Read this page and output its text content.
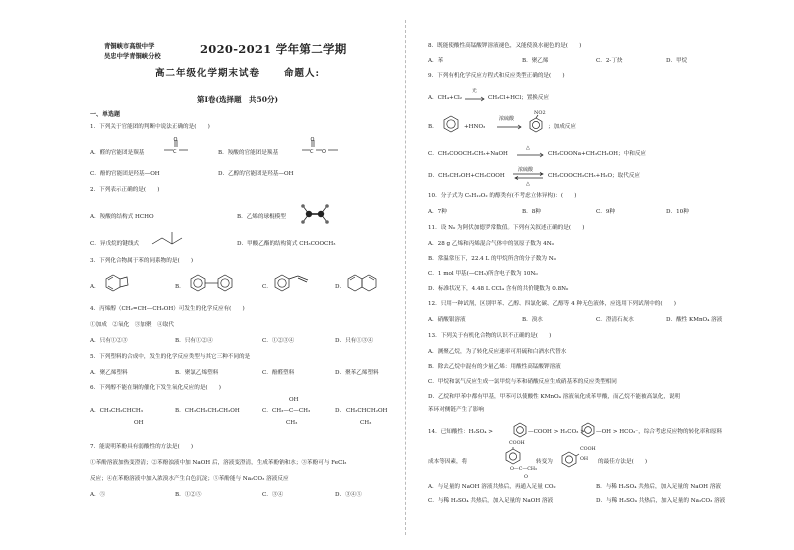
青铜峡市高级中学
吴忠中学青铜峡分校
2020-2021 学年第二学期
高二年级化学期末试卷	命题人:
第Ⅰ卷(选择题　共50分)
一、单选题
1．下列关于官能团的判断中说法正确的是(　　)
A．醛的官能团是羰基	C
O
B．羧酸的官能团是羰基	C
O
O
C．酚的官能团是羟基—OH	D．乙醇的官能团是羟基—OH
2．下列表示正确的是(　　)
A．羧酸的结构式 HCHO	B．乙烯的球棍模型
C．异戊烷的键线式	D．甲酸乙酯的结构简式 CH₃COOCH₃
3．下列化合物属于苯的同系物的是(　　)
A．	B．	C．	D．
4．丙烯醇（CH₂=CH—CH₂OH）可发生的化学反应有(　　)
①加成　②氧化　③加聚　④取代
A．只有①②③	B．只有①②④	C．①②③④	D．只有①③④
5．下列塑料的合成中，发生的化学反应类型与其它三种不同的是
A．聚乙烯塑料	B．聚氯乙烯塑料	C．酚醛塑料	D．聚苯乙烯塑料
6．下列醇不能在铜的催化下发生氧化反应的是(　　)
A．CH₃CH₂CHCH₃
OH
B．CH₃CH₂CH₂CH₂OH	C．
OH
CH₃—C—CH₃
CH₃
D． CH₃CHCH₂OH
CH₃
7．能说明苯酚具有弱酸性的方法是(　　)
①苯酚溶液加热变澄清；②苯酚浊液中加 NaOH 后，溶液变澄清，生成苯酚钠和水；③苯酚可与 FeCl₃
反应；④在苯酚溶液中加入浓溴水产生白色沉淀；⑤苯酚能与 Na₂CO₃ 溶液反应
A．⑤	B．①②⑤	C．③④	D．③④⑤
8．既能使酸性高锰酸钾溶液褪色，又能使溴水褪色的是(　　)
A．苯	B．聚乙烯	C．2-丁炔	D．甲烷
9．下列有机化学反应方程式和反应类型正确的是(　　)
A．CH₄+Cl₂
光
CH₃Cl+HCl；置换反应
B．	+HNO₃
浓硫酸
NO2
；加成反应
C．CH₃COOCH₂CH₃+NaOH
△
CH₃COONa+CH₃CH₂OH；中和反应
D．CH₃CH₂OH+CH₃COOH
浓硫酸
△
CH₃COOCH₂CH₃+H₂O；取代反应
10．分子式为 C₅H₁₂O₂ 的醇类有(不考虑立体异构)：(　　)
A．7种	B．8种	C．9种	D．10种
11．设 N₀ 为阿伏加德罗常数值。下列有关叙述正确的是(　　)
A．28 g 乙烯和丙烯混合气体中的氢原子数为 4N₀
B．常温常压下，22.4 L 的甲烷所含的分子数为 N₀
C．1 mol 甲基(—CH₃)所含电子数为 10N₀
D．标准状况下，4.48 L CCl₄ 含有的共价键数为 0.8N₀
12．只用一种试剂，区别甲苯、乙醇、四氯化碳、乙醇等 4 种无色液体，应选用下列试剂中的(　　)
A．硝酸银溶液	B．溴水	C．澄清石灰水	D．酸性 KMnO₄ 溶液
13．下列关于有机化合物的认识不正确的是(　　)
A．测聚乙烷，为了转化反应速率可用硫和白酒水代替水
B．除去乙烷中混有的少量乙烯：用酸性高锰酸钾溶液
C．甲烷和氯气反应生成一氯甲烷与苯和硝酸反应生成硝基苯的反应类型相同
D．乙烷和甲苯中都有甲基，甲苯可以使酸性 KMnO₄ 溶液氧化成苯甲酸，而乙烷不能被高氯化，说明
苯环对侧链产生了影响
14．已知酸性：H₂SO₄ >	—COOH > H₂CO₃ > —OH > HCO₃⁻，综合考虑反应物的转化率和原料
成本等因素，将
COOH
O—C—CH₃
O
转变为
COOH
OH 的最佳方法是(　　)
A．与足量的 NaOH 溶液共热后，再通入足量 CO₂	B．与稀 H₂SO₄ 共热后，加入足量的 NaOH 溶液
C．与稀 H₂SO₄ 共热后，加入足量的 NaOH 溶液	D．与稀 H₂SO₄ 共热后，加入足量的 Na₂CO₃ 溶液
